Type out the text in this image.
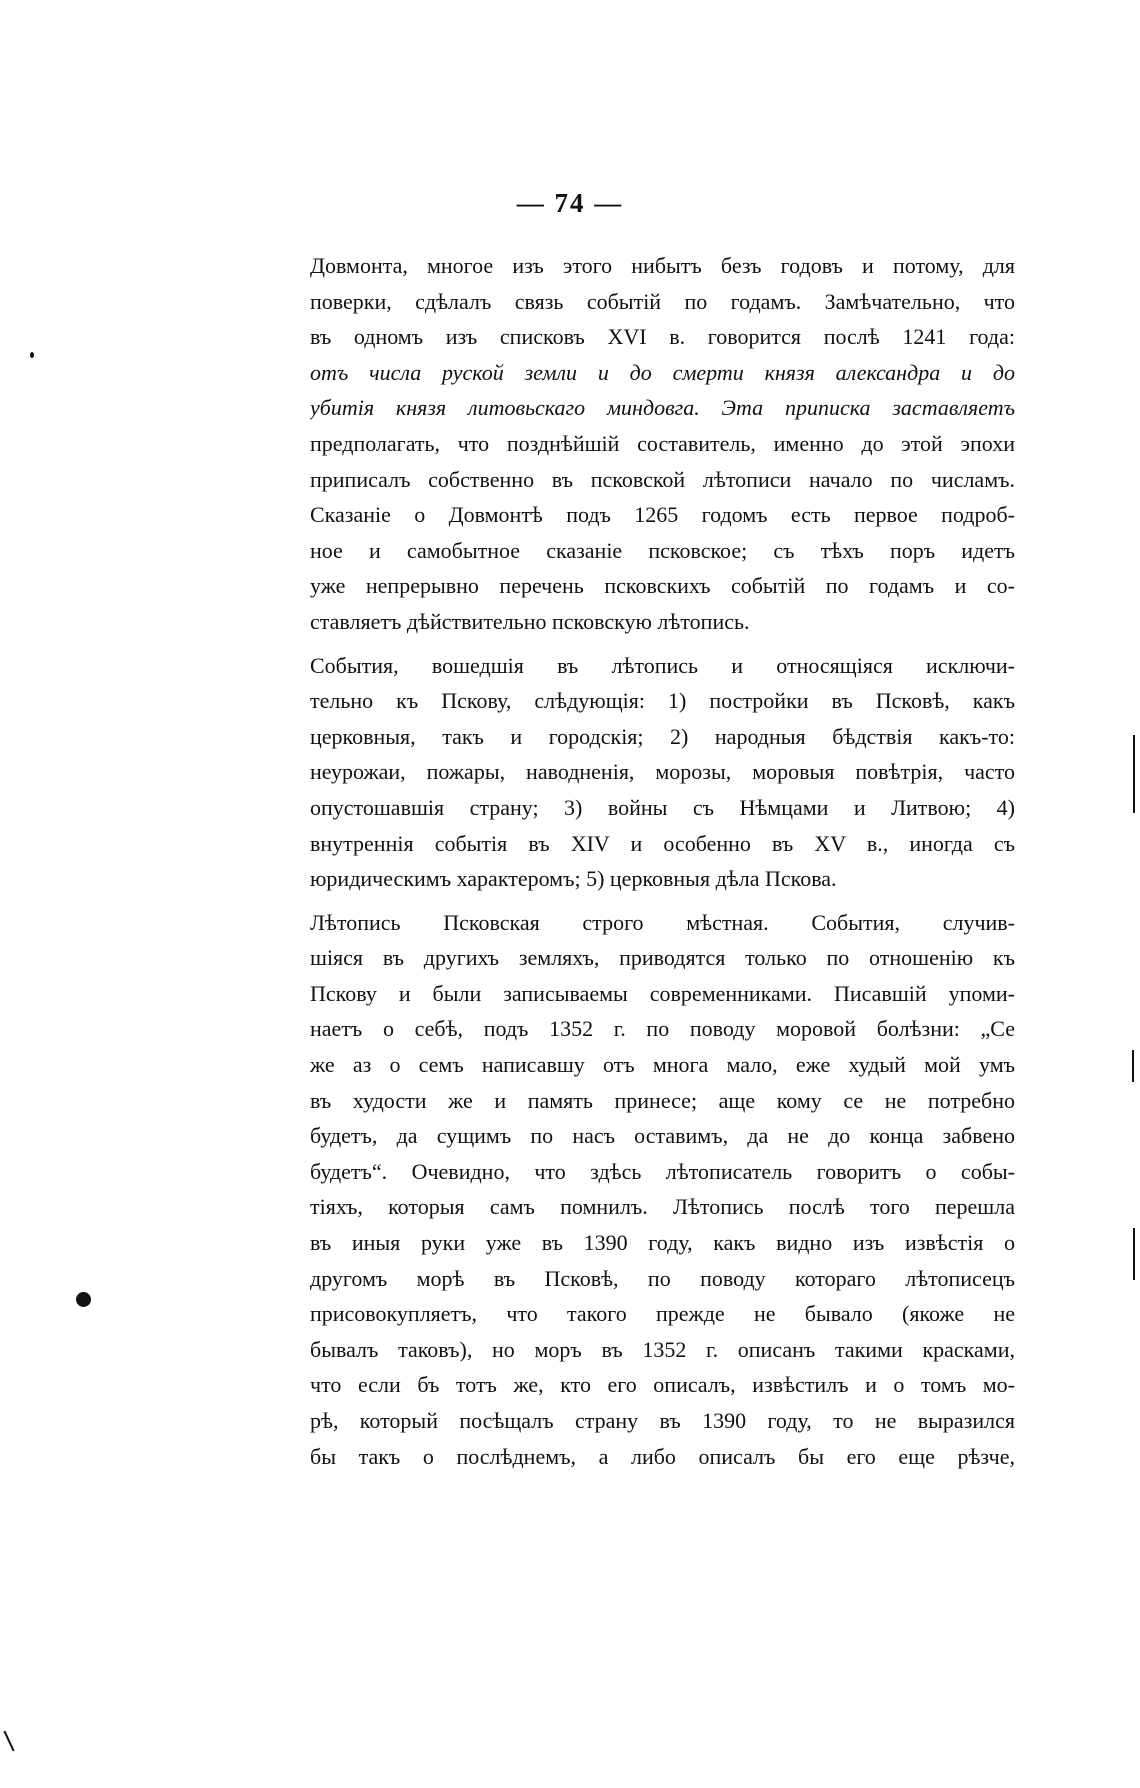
— 74 —
Довмонта, многое изъ этого нибытъ безъ годовъ и потому, для
поверки, сдѣлалъ связь событій по годамъ. Замѣчательно, что
въ одномъ изъ списковъ XVI в. говорится послѣ 1241 года:
отъ числа руской земли и до смерти князя александра и до
убитія князя литовьскаго миндовга. Эта приписка заставляетъ
предполагать, что позднѣйшій составитель, именно до этой эпохи
приписалъ собственно въ псковской лѣтописи начало по числамъ.
Сказаніе о Довмонтѣ подъ 1265 годомъ есть первое подроб-
ное и самобытное сказаніе псковское; съ тѣхъ поръ идетъ
уже непрерывно перечень псковскихъ событій по годамъ и со-
ставляетъ дѣйствительно псковскую лѣтопись.
События, вошедшія въ лѣтопись и относящіяся исключи-
тельно къ Пскову, слѣдующія: 1) постройки въ Псковѣ, какъ
церковныя, такъ и городскія; 2) народныя бѣдствія какъ-то:
неурожаи, пожары, наводненія, морозы, моровыя повѣтрія, часто
опустошавшія страну; 3) войны съ Нѣмцами и Литвою; 4)
внутреннія событія въ XIV и особенно въ XV в., иногда съ
юридическимъ характеромъ; 5) церковныя дѣла Пскова.
Лѣтопись Псковская строго мѣстная. События, случив-
шіяся въ другихъ земляхъ, приводятся только по отношенію къ
Пскову и были записываемы современниками. Писавшій упоми-
наетъ о себѣ, подъ 1352 г. по поводу моровой болѣзни: „Се
же аз о семъ написавшу отъ многа мало, еже худый мой умъ
въ худости же и память принесе; аще кому се не потребно
будетъ, да сущимъ по насъ оставимъ, да не до конца забвено
будетъ“. Очевидно, что здѣсь лѣтописатель говоритъ о собы-
тіяхъ, которыя самъ помнилъ. Лѣтопись послѣ того перешла
въ иныя руки уже въ 1390 году, какъ видно изъ извѣстія о
другомъ морѣ въ Псковѣ, по поводу котораго лѣтописецъ
присовокупляетъ, что такого прежде не бывало (якоже не
бывалъ таковъ), но моръ въ 1352 г. описанъ такими красками,
что если бъ тотъ же, кто его описалъ, извѣстилъ и о томъ мо-
рѣ, который посѣщалъ страну въ 1390 году, то не выразился
бы такъ о послѣднемъ, а либо описалъ бы его еще рѣзче,
